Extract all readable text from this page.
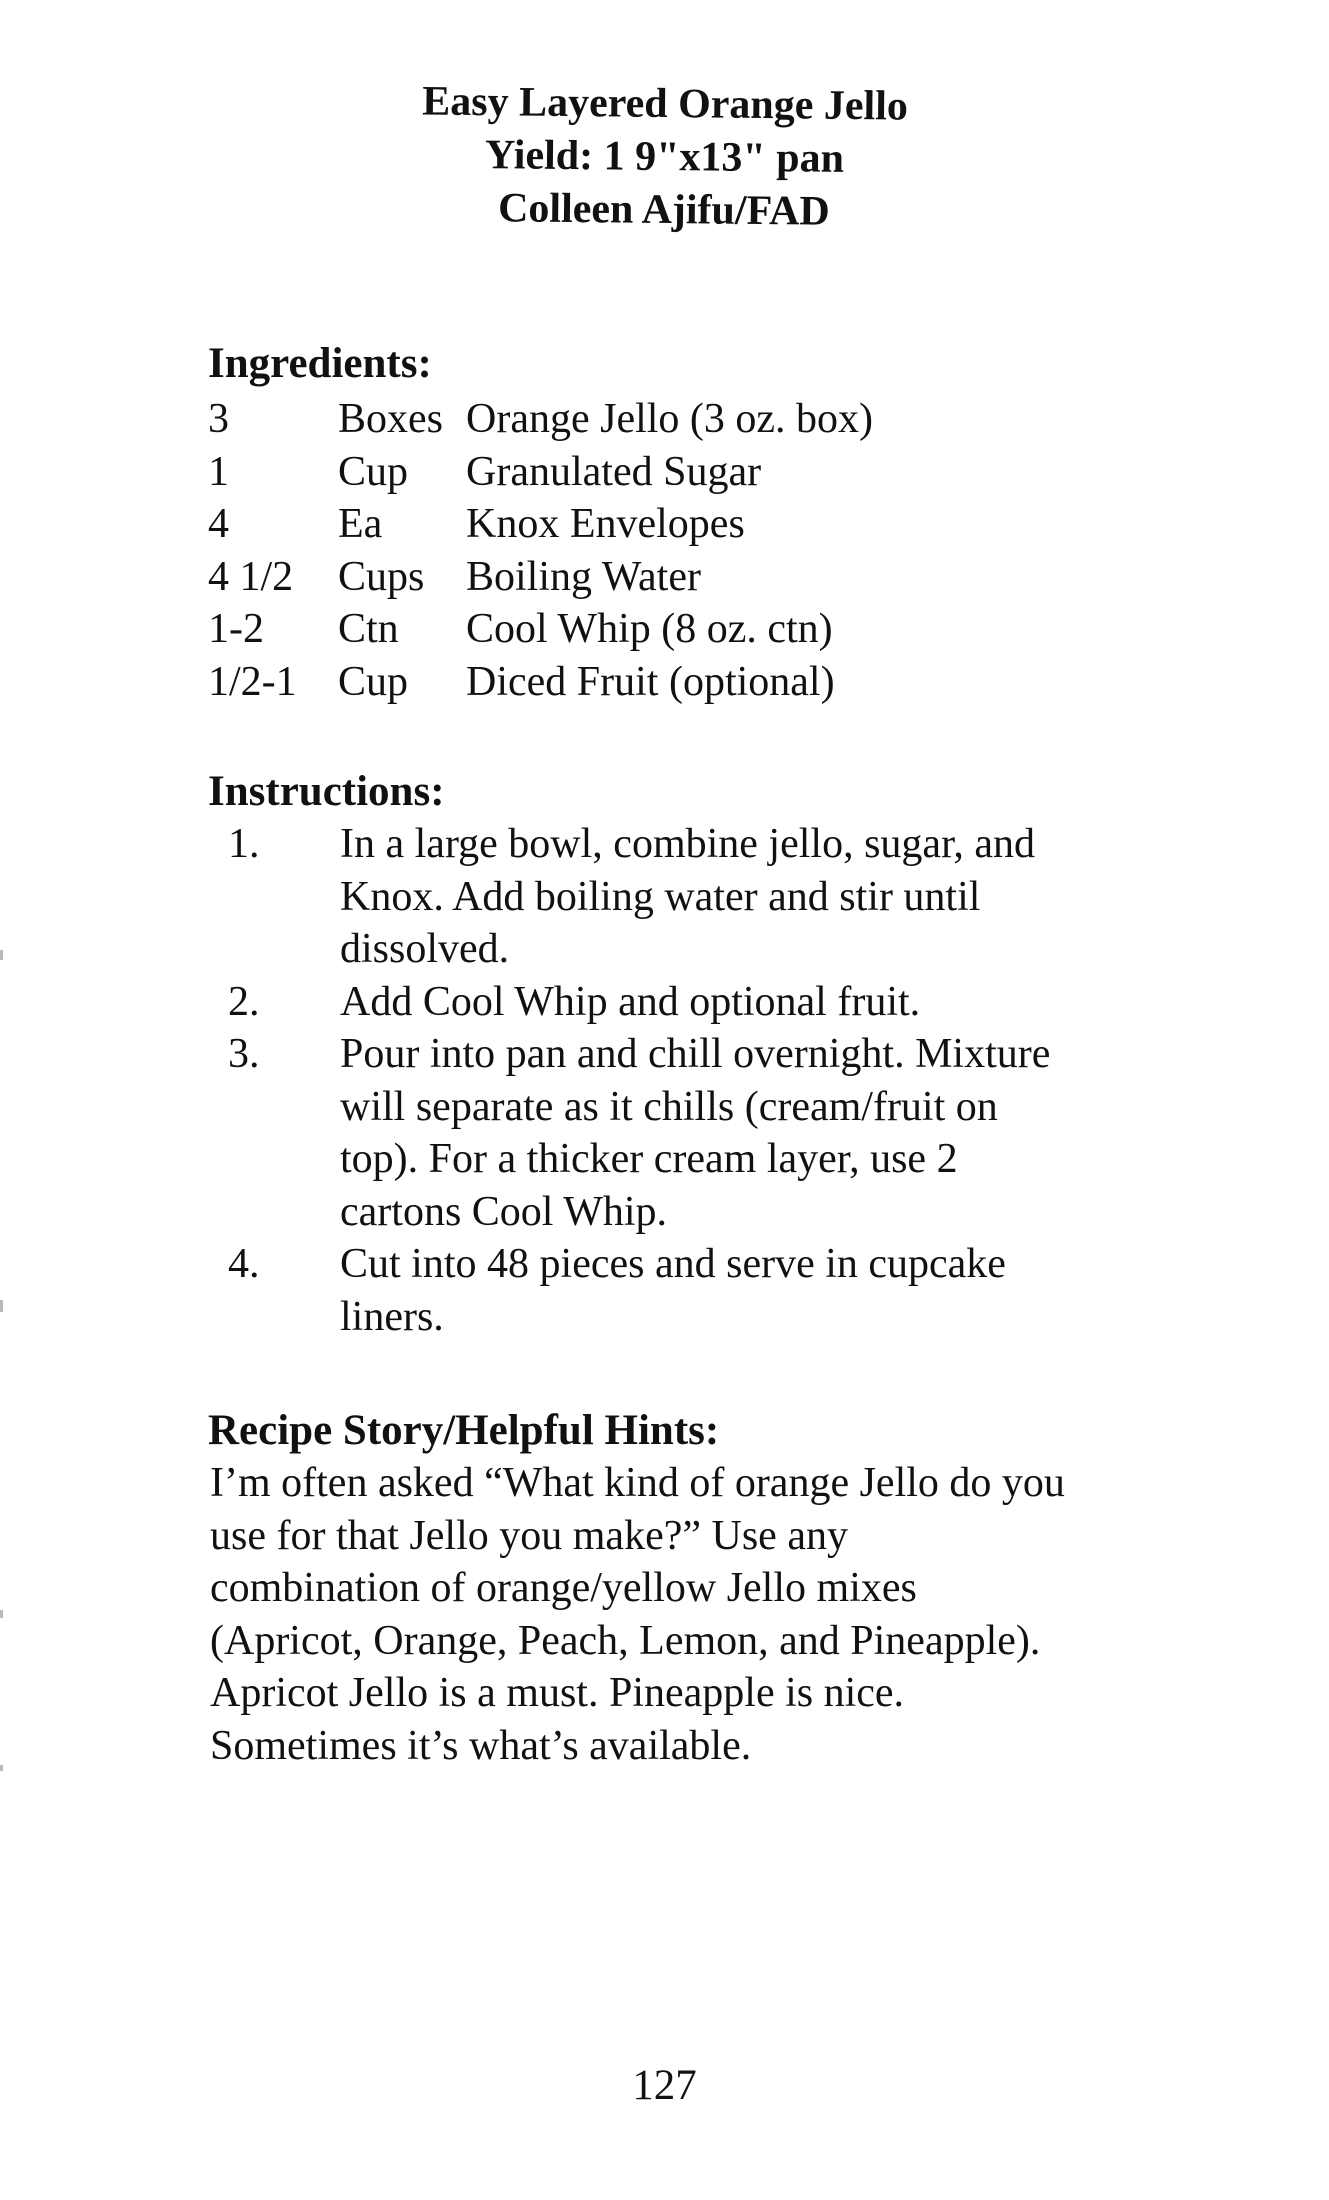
Easy Layered Orange Jello
Yield: 1 9"x13" pan
Colleen Ajifu/FAD
Ingredients:
3	Boxes Orange Jello (3 oz. box)
1	Cup Granulated Sugar
4	Ea Knox Envelopes
4 1/2 Cups Boiling Water
1-2 Ctn Cool Whip (8 oz. ctn)
1/2-1 Cup Diced Fruit (optional)
Instructions:
1. In a large bowl, combine jello, sugar, and
Knox. Add boiling water and stir until
dissolved.
2. Add Cool Whip and optional fruit.
3. Pour into pan and chill overnight. Mixture
will separate as it chills (cream/fruit on
top). For a thicker cream layer, use 2
cartons Cool Whip.
4. Cut into 48 pieces and serve in cupcake
liners.
Recipe Story/Helpful Hints:
I’m often asked “What kind of orange Jello do you
use for that Jello you make?” Use any
combination of orange/yellow Jello mixes
(Apricot, Orange, Peach, Lemon, and Pineapple).
Apricot Jello is a must. Pineapple is nice.
Sometimes it’s what’s available.
127
